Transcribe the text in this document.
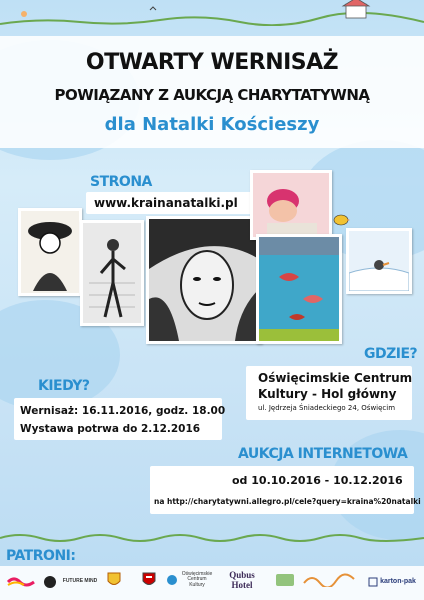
OTWARTY WERNISAŻ
POWIĄZANY Z AUKCJĄ CHARYTATYWNĄ
dla Natalki Kościeszy
STRONA
www.krainanatalki.pl
GDZIE?
Oświęcimskie Centrum
Kultury - Hol główny
ul. Jędrzeja Śniadeckiego 24, Oświęcim
KIEDY?
Wernisaż: 16.11.2016, godz. 18.00
Wystawa potrwa do 2.12.2016
AUKCJA INTERNETOWA
od 10.10.2016 - 10.12.2016
na http://charytatywni.allegro.pl/cele?query=kraina%20natalki
PATRONI:
FUTURE MIND
Oświęcimskie Centrum Kultury
Qubus Hotel	karton-pak
